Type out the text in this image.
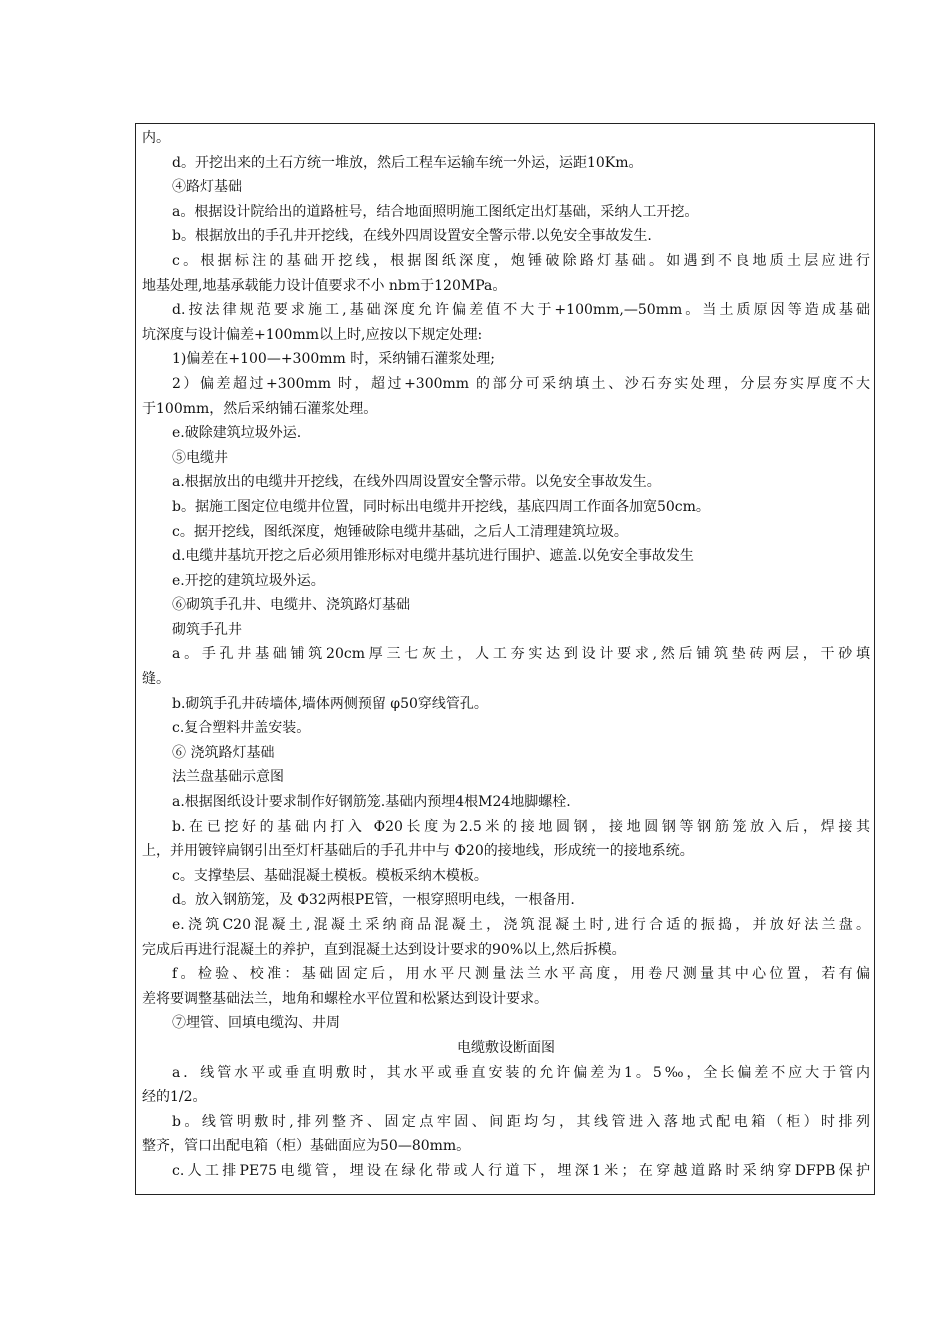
内。
d。开挖出来的土石方统一堆放，然后工程车运输车统一外运，运距10Km。
④路灯基础
a。根据设计院给出的道路桩号，结合地面照明施工图纸定出灯基础，采纳人工开挖。
b。根据放出的手孔井开挖线，在线外四周设置安全警示带.以免安全事故发生.
c。根据标注的基础开挖线，根据图纸深度，炮锤破除路灯基础。如遇到不良地质土层应进行
地基处理,地基承载能力设计值要求不小 nbm于120MPa。
d.按法律规范要求施工,基础深度允许偏差值不大于+100mm,—50mm。当土质原因等造成基础
坑深度与设计偏差+100mm以上时,应按以下规定处理:
1)偏差在+100—+300mm 时，采纳铺石灌浆处理;
2）偏差超过+300mm 时，超过+300mm 的部分可采纳填土、沙石夯实处理，分层夯实厚度不大
于100mm，然后采纳铺石灌浆处理。
e.破除建筑垃圾外运.
⑤电缆井
a.根据放出的电缆井开挖线，在线外四周设置安全警示带。以免安全事故发生。
b。据施工图定位电缆井位置，同时标出电缆井开挖线，基底四周工作面各加宽50cm。
c。据开挖线，图纸深度，炮锤破除电缆井基础，之后人工清理建筑垃圾。
d.电缆井基坑开挖之后必须用锥形标对电缆井基坑进行围护、遮盖.以免安全事故发生
e.开挖的建筑垃圾外运。
⑥砌筑手孔井、电缆井、浇筑路灯基础
砌筑手孔井
a。手孔井基础铺筑20cm厚三七灰土，人工夯实达到设计要求,然后铺筑垫砖两层，干砂填
缝。
b.砌筑手孔井砖墙体,墙体两侧预留 φ50穿线管孔。
c.复合塑料井盖安装。
⑥ 浇筑路灯基础
法兰盘基础示意图
a.根据图纸设计要求制作好钢筋笼.基础内预埋4根M24地脚螺栓.
b.在已挖好的基础内打入 Φ20长度为2.5米的接地圆钢，接地圆钢等钢筋笼放入后，焊接其
上，并用镀锌扁钢引出至灯杆基础后的手孔井中与 Φ20的接地线，形成统一的接地系统。
c。支撑垫层、基础混凝土模板。模板采纳木模板。
d。放入钢筋笼，及 Φ32两根PE管，一根穿照明电线，一根备用.
e.浇筑C20混凝土,混凝土采纳商品混凝土，浇筑混凝土时,进行合适的振捣，并放好法兰盘。
完成后再进行混凝土的养护，直到混凝土达到设计要求的90%以上,然后拆模。
f。检验、校准：基础固定后，用水平尺测量法兰水平高度，用卷尺测量其中心位置，若有偏
差将要调整基础法兰，地角和螺栓水平位置和松紧达到设计要求。
⑦埋管、回填电缆沟、井周
电缆敷设断面图
a．线管水平或垂直明敷时，其水平或垂直安装的允许偏差为1。5‰，全长偏差不应大于管内
经的1/2。
b。线管明敷时,排列整齐、固定点牢固、间距均匀，其线管进入落地式配电箱（柜）时排列
整齐，管口出配电箱（柜）基础面应为50—80mm。
c.人工排PE75电缆管，埋设在绿化带或人行道下，埋深1米；在穿越道路时采纳穿DFPB保护
